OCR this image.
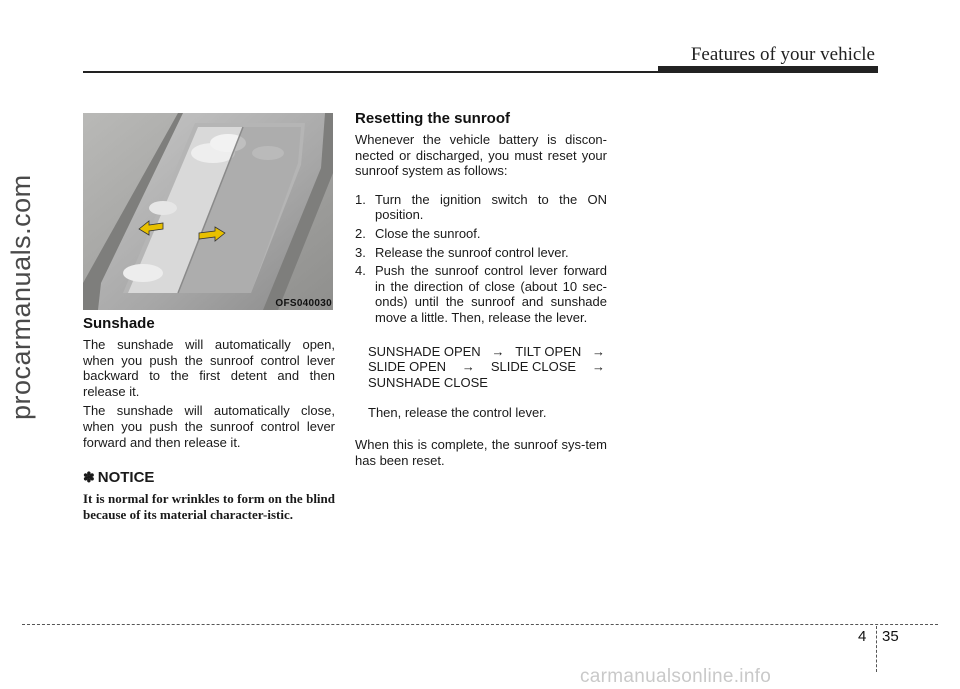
Features of your vehicle
procarmanuals.com	OFS040030
Sunshade

The sunshade will automatically open, when you push the sunroof control lever backward to the first detent and then release it.

The sunshade will automatically close, when you push the sunroof control lever forward and then release it.

✽ NOTICE
It is normal for wrinkles to form on the blind because of its material character-istic.
Resetting the sunroof

Whenever the vehicle battery is discon-nected or discharged, you must reset your sunroof system as follows:

1. Turn the ignition switch to the ON position.
2. Close the sunroof.
3. Release the sunroof control lever.
4. Push the sunroof control lever forward in the direction of close (about 10 sec-onds) until the sunroof and sunshade move a little. Then, release the lever.
SUNSHADE OPEN → TILT OPEN →
SLIDE OPEN → SLIDE CLOSE →
SUNSHADE CLOSE

Then, release the control lever.

When this is complete, the sunroof sys-tem has been reset.

4 35
carmanualsonline.info
